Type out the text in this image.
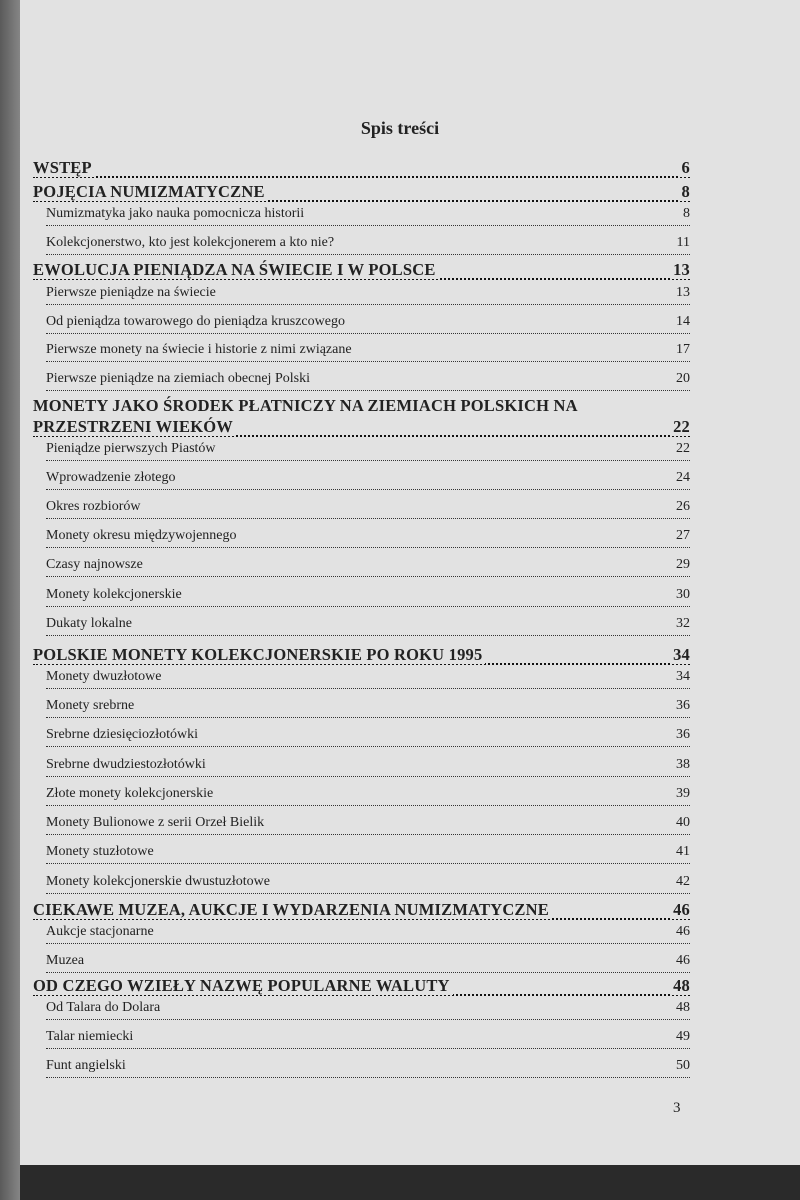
Spis treści
WSTĘP	6
POJĘCIA NUMIZMATYCZNE	8
Numizmatyka jako nauka pomocnicza historii	8
Kolekcjonerstwo, kto jest kolekcjonerem a kto nie?	11
EWOLUCJA PIENIĄDZA NA ŚWIECIE I W POLSCE	13
Pierwsze pieniądze na świecie	13
Od pieniądza towarowego do pieniądza kruszcowego	14
Pierwsze monety na świecie i historie z nimi związane	17
Pierwsze pieniądze na ziemiach obecnej Polski	20
MONETY JAKO ŚRODEK PŁATNICZY NA ZIEMIACH POLSKICH NA
PRZESTRZENI WIEKÓW	22
Pieniądze pierwszych Piastów	22
Wprowadzenie złotego	24
Okres rozbiorów	26
Monety okresu międzywojennego	27
Czasy najnowsze	29
Monety kolekcjonerskie	30
Dukaty lokalne	32
POLSKIE MONETY KOLEKCJONERSKIE PO ROKU 1995	34
Monety dwuzłotowe	34
Monety srebrne	36
Srebrne dziesięciozłotówki	36
Srebrne dwudziestozłotówki	38
Złote monety kolekcjonerskie	39
Monety Bulionowe z serii Orzeł Bielik	40
Monety stuzłotowe	41
Monety kolekcjonerskie dwustuzłotowe	42
CIEKAWE MUZEA, AUKCJE I WYDARZENIA NUMIZMATYCZNE	46
Aukcje stacjonarne	46
Muzea	46
OD CZEGO WZIEŁY NAZWĘ POPULARNE WALUTY	48
Od Talara do Dolara	48
Talar niemiecki	49
Funt angielski	50
3
